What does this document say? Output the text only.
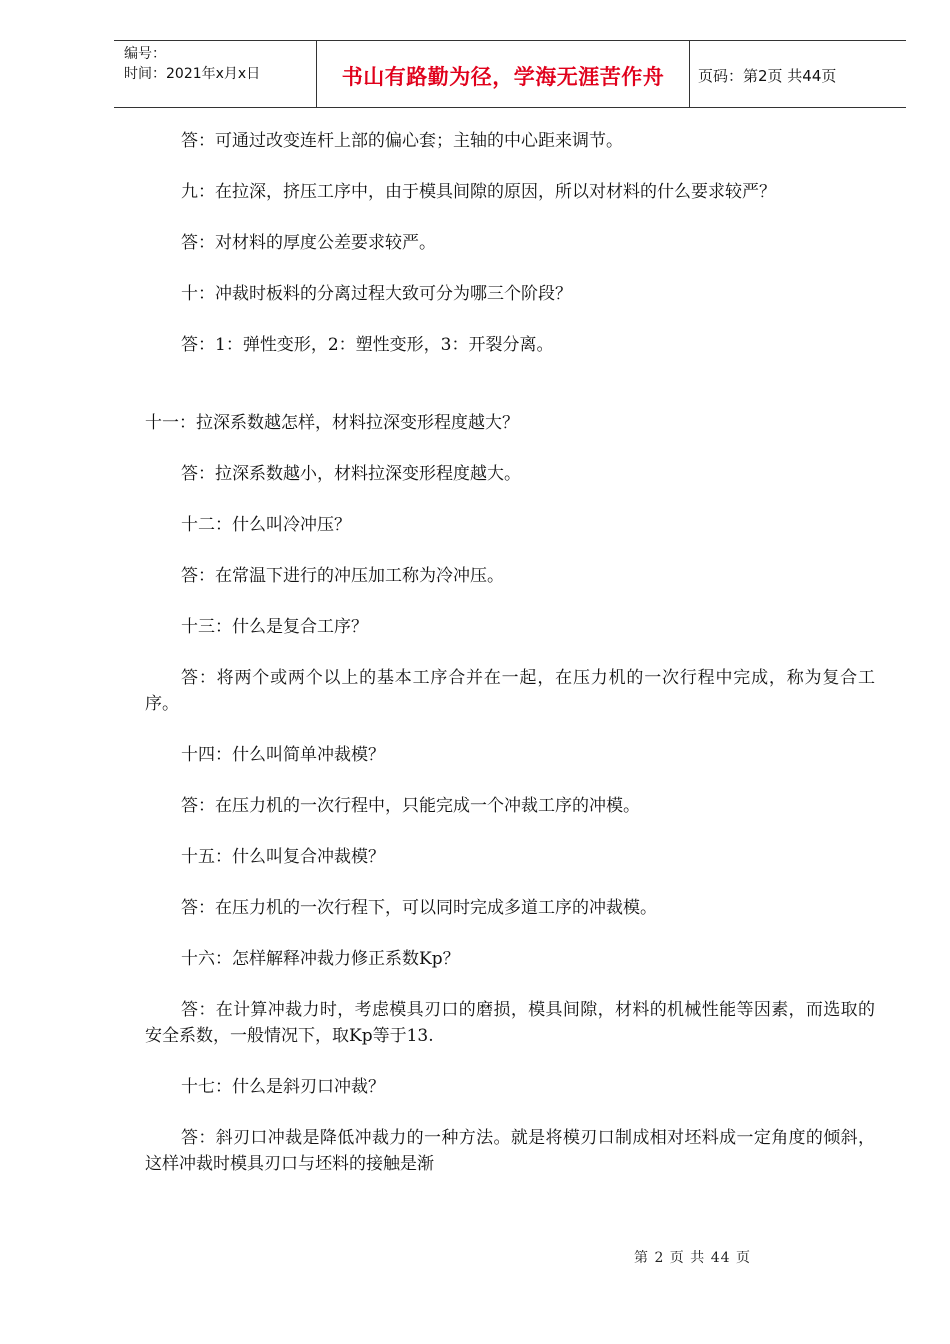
编号：
时间：2021年x月x日	书山有路勤为径，学海无涯苦作舟	页码：第2页 共44页

答：可通过改变连杆上部的偏心套；主轴的中心距来调节。

九：在拉深，挤压工序中，由于模具间隙的原因，所以对材料的什么要求较严？

答：对材料的厚度公差要求较严。

十：冲裁时板料的分离过程大致可分为哪三个阶段？

答：1：弹性变形，2：塑性变形，3：开裂分离。

十一：拉深系数越怎样，材料拉深变形程度越大？

答：拉深系数越小，材料拉深变形程度越大。

十二：什么叫冷冲压？

答：在常温下进行的冲压加工称为冷冲压。

十三：什么是复合工序？

答：将两个或两个以上的基本工序合并在一起，在压力机的一次行程中完成，称为复合工序。

十四：什么叫简单冲裁模？

答：在压力机的一次行程中，只能完成一个冲裁工序的冲模。

十五：什么叫复合冲裁模？

答：在压力机的一次行程下，可以同时完成多道工序的冲裁模。

十六：怎样解释冲裁力修正系数Kp？

答：在计算冲裁力时，考虑模具刃口的磨损，模具间隙，材料的机械性能等因素，而选取的安全系数，一般情况下，取Kp等于13.

十七：什么是斜刃口冲裁？

答：斜刃口冲裁是降低冲裁力的一种方法。就是将模刃口制成相对坯料成一定角度的倾斜，这样冲裁时模具刃口与坯料的接触是渐

第 2 页 共 44 页
